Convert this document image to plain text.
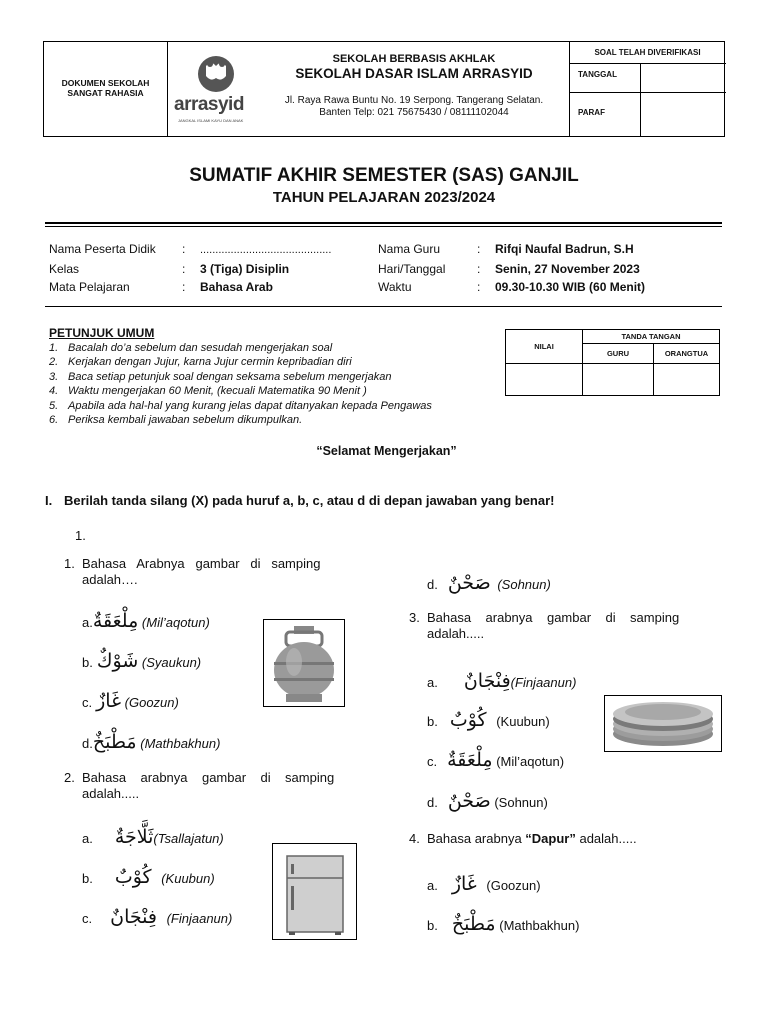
DOKUMEN SEKOLAH SANGAT RAHASIA
arrasyid
JANGKAL ISLAMI KAYU DAN ANAK
SEKOLAH BERBASIS AKHLAK
SEKOLAH DASAR ISLAM ARRASYID
Jl. Raya Rawa Buntu No. 19 Serpong. Tangerang Selatan.
Banten Telp: 021 75675430 / 08111102044
SOAL TELAH DIVERIFIKASI
TANGGAL
PARAF
SUMATIF AKHIR SEMESTER (SAS) GANJIL
TAHUN PELAJARAN 2023/2024
Nama Peserta Didik : ...........................................
Kelas	: 3 (Tiga) Disiplin
Mata Pelajaran	: Bahasa Arab
Nama Guru	: Rifqi Naufal Badrun, S.H
Hari/Tanggal	: Senin, 27 November 2023
Waktu	: 09.30-10.30 WIB (60 Menit)
PETUNJUK UMUM
1. Bacalah do’a sebelum dan sesudah mengerjakan soal
2. Kerjakan dengan Jujur, karna Jujur cermin kepribadian diri
3. Baca setiap petunjuk soal dengan seksama sebelum mengerjakan
4. Waktu mengerjakan 60 Menit, (kecuali Matematika 90 Menit )
5. Apabila ada hal-hal yang kurang jelas dapat ditanyakan kepada Pengawas
6. Periksa kembali jawaban sebelum dikumpulkan.
NILAI	TANDA TANGAN	
	GURU	ORANGTUA

“Selamat Mengerjakan”
I. Berilah tanda silang (X) pada huruf a, b, c, atau d di depan jawaban yang benar!
1.
1. Bahasa   Arabnya   gambar   di   samping
adalah….
a.مِلْعَقَةٌ (Mil’aqotun)
b. شَوْكٌ (Syaukun)
c. غَازٌ (Goozun)
d.مَطْبَخٌ (Mathbakhun)
2. Bahasa    arabnya    gambar    di    samping
adalah.....
a. ثَلَّاجَةٌ(Tsallajatun)
b. كُوْبٌ (Kuubun)
c. فِنْجَانٌ (Finjaanun)
d. صَحْنٌ (Sohnun)
3. Bahasa    arabnya    gambar    di    samping
adalah.....
a. فِنْجَانٌ(Finjaanun)
b. كُوْبٌ (Kuubun)
c. مِلْعَقَةٌ (Mil’aqotun)
d. صَحْنٌ (Sohnun)
4. Bahasa arabnya “Dapur” adalah.....
a. غَازٌ (Goozun)
b. مَطْبَخٌ (Mathbakhun)
